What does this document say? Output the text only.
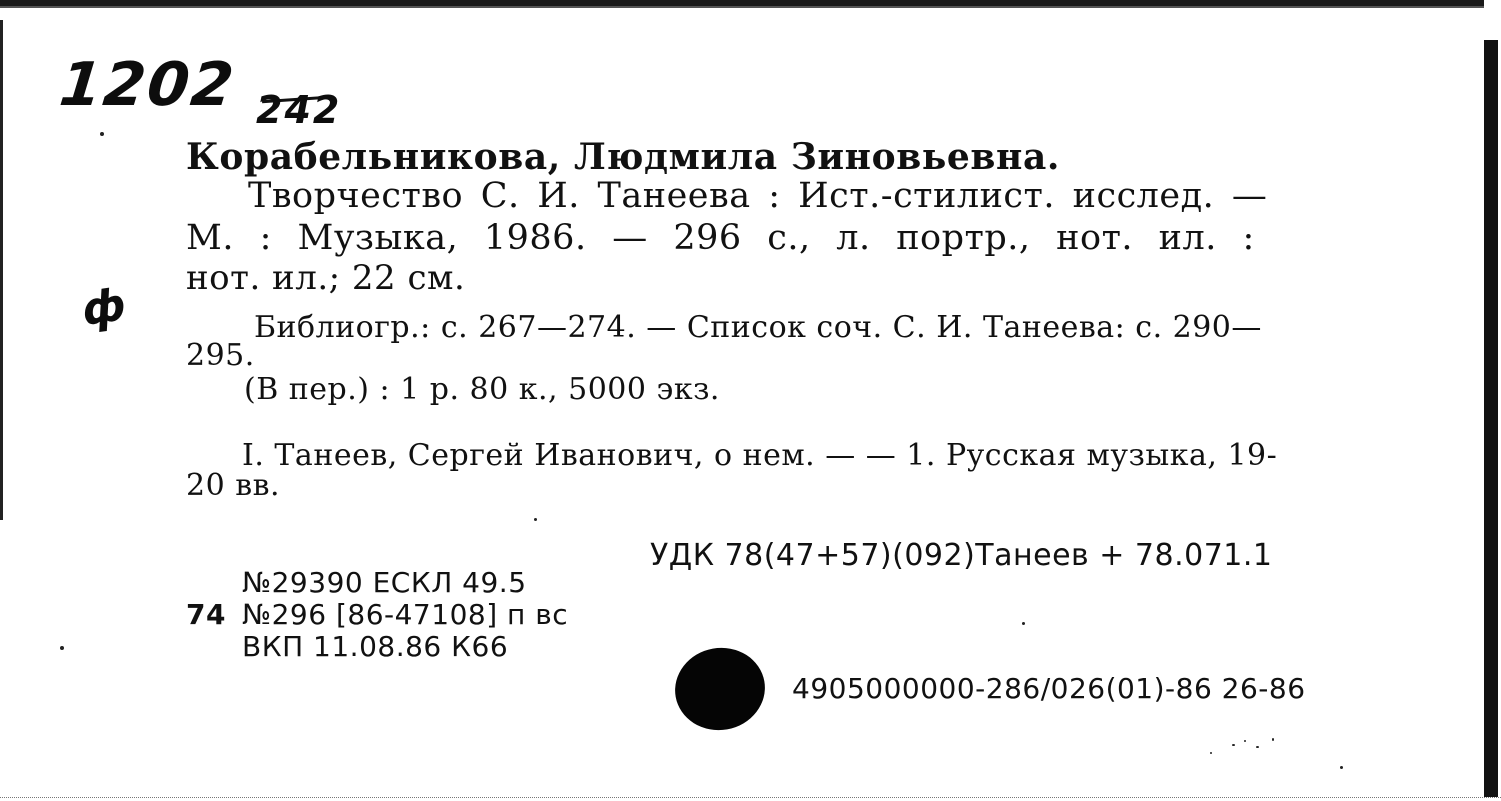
1202 242
ф
Корабельникова, Людмила Зиновьевна.
Творчество С. И. Танеева : Ист.-стилист. исслед. —
М. : Музыка, 1986. — 296 с., л. портр., нот. ил. :
нот. ил.; 22 см.
Библиогр.: с. 267—274. — Список соч. С. И. Танеева: с. 290—
295.
(В пер.) : 1 р. 80 к., 5000 экз.
I. Танеев, Сергей Иванович, о нем. — — 1. Русская музыка, 19-
20 вв.
УДК 78(47+57)(092)Танеев + 78.071.1
№29390 ЕСКЛ 49.5
74 №296 [86-47108] п вс
ВКП 11.08.86 К66
4905000000-286/026(01)-86 26-86
